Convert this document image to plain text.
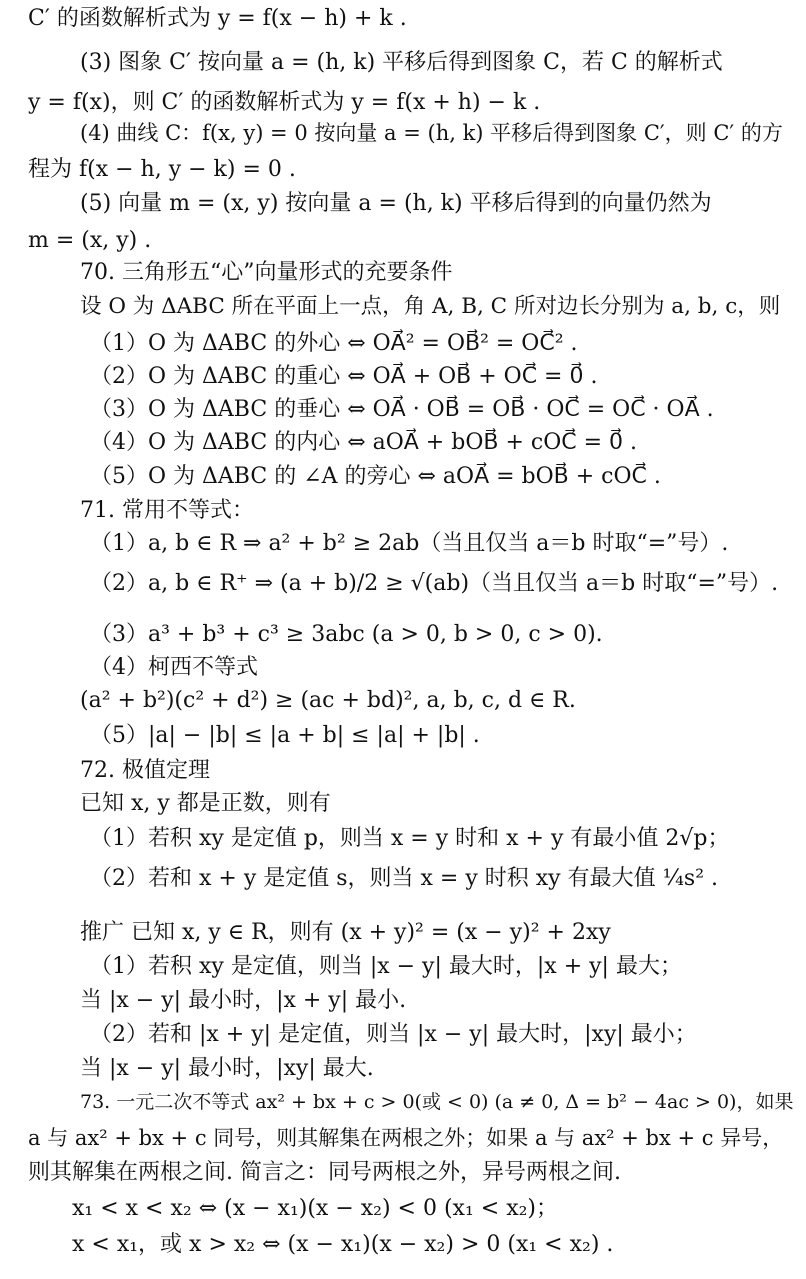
C′ 的函数解析式为 y = f(x − h) + k .
(3) 图象 C′ 按向量 a = (h, k) 平移后得到图象 C，若 C 的解析式
y = f(x)，则 C′ 的函数解析式为 y = f(x + h) − k .
(4) 曲线 C：f(x, y) = 0 按向量 a = (h, k) 平移后得到图象 C′，则 C′ 的方
程为 f(x − h, y − k) = 0 .
(5) 向量 m = (x, y) 按向量 a = (h, k) 平移后得到的向量仍然为
m = (x, y) .
70. 三角形五“心”向量形式的充要条件
设 O 为 ΔABC 所在平面上一点，角 A, B, C 所对边长分别为 a, b, c，则
（1）O 为 ΔABC 的外心 ⇔ OA⃗² = OB⃗² = OC⃗² .
（2）O 为 ΔABC 的重心 ⇔ OA⃗ + OB⃗ + OC⃗ = 0⃗ .
（3）O 为 ΔABC 的垂心 ⇔ OA⃗ · OB⃗ = OB⃗ · OC⃗ = OC⃗ · OA⃗ .
（4）O 为 ΔABC 的内心 ⇔ aOA⃗ + bOB⃗ + cOC⃗ = 0⃗ .
（5）O 为 ΔABC 的 ∠A 的旁心 ⇔ aOA⃗ = bOB⃗ + cOC⃗ .
71. 常用不等式：
（1）a, b ∈ R ⇒ a² + b² ≥ 2ab（当且仅当 a＝b 时取“=”号）.
（2）a, b ∈ R⁺ ⇒ (a + b)/2 ≥ √(ab)（当且仅当 a＝b 时取“=”号）.
（3）a³ + b³ + c³ ≥ 3abc (a > 0, b > 0, c > 0).
（4）柯西不等式
(a² + b²)(c² + d²) ≥ (ac + bd)², a, b, c, d ∈ R.
（5）|a| − |b| ≤ |a + b| ≤ |a| + |b| .
72. 极值定理
已知 x, y 都是正数，则有
（1）若积 xy 是定值 p，则当 x = y 时和 x + y 有最小值 2√p；
（2）若和 x + y 是定值 s，则当 x = y 时积 xy 有最大值 ¼s² .
推广 已知 x, y ∈ R，则有 (x + y)² = (x − y)² + 2xy
（1）若积 xy 是定值，则当 |x − y| 最大时，|x + y| 最大；
当 |x − y| 最小时，|x + y| 最小.
（2）若和 |x + y| 是定值，则当 |x − y| 最大时，|xy| 最小；
当 |x − y| 最小时，|xy| 最大.
73. 一元二次不等式 ax² + bx + c > 0(或 < 0) (a ≠ 0, Δ = b² − 4ac > 0)，如果
a 与 ax² + bx + c 同号，则其解集在两根之外；如果 a 与 ax² + bx + c 异号，
则其解集在两根之间. 简言之：同号两根之外，异号两根之间.
x₁ < x < x₂ ⇔ (x − x₁)(x − x₂) < 0 (x₁ < x₂)；
x < x₁，或 x > x₂ ⇔ (x − x₁)(x − x₂) > 0 (x₁ < x₂) .
